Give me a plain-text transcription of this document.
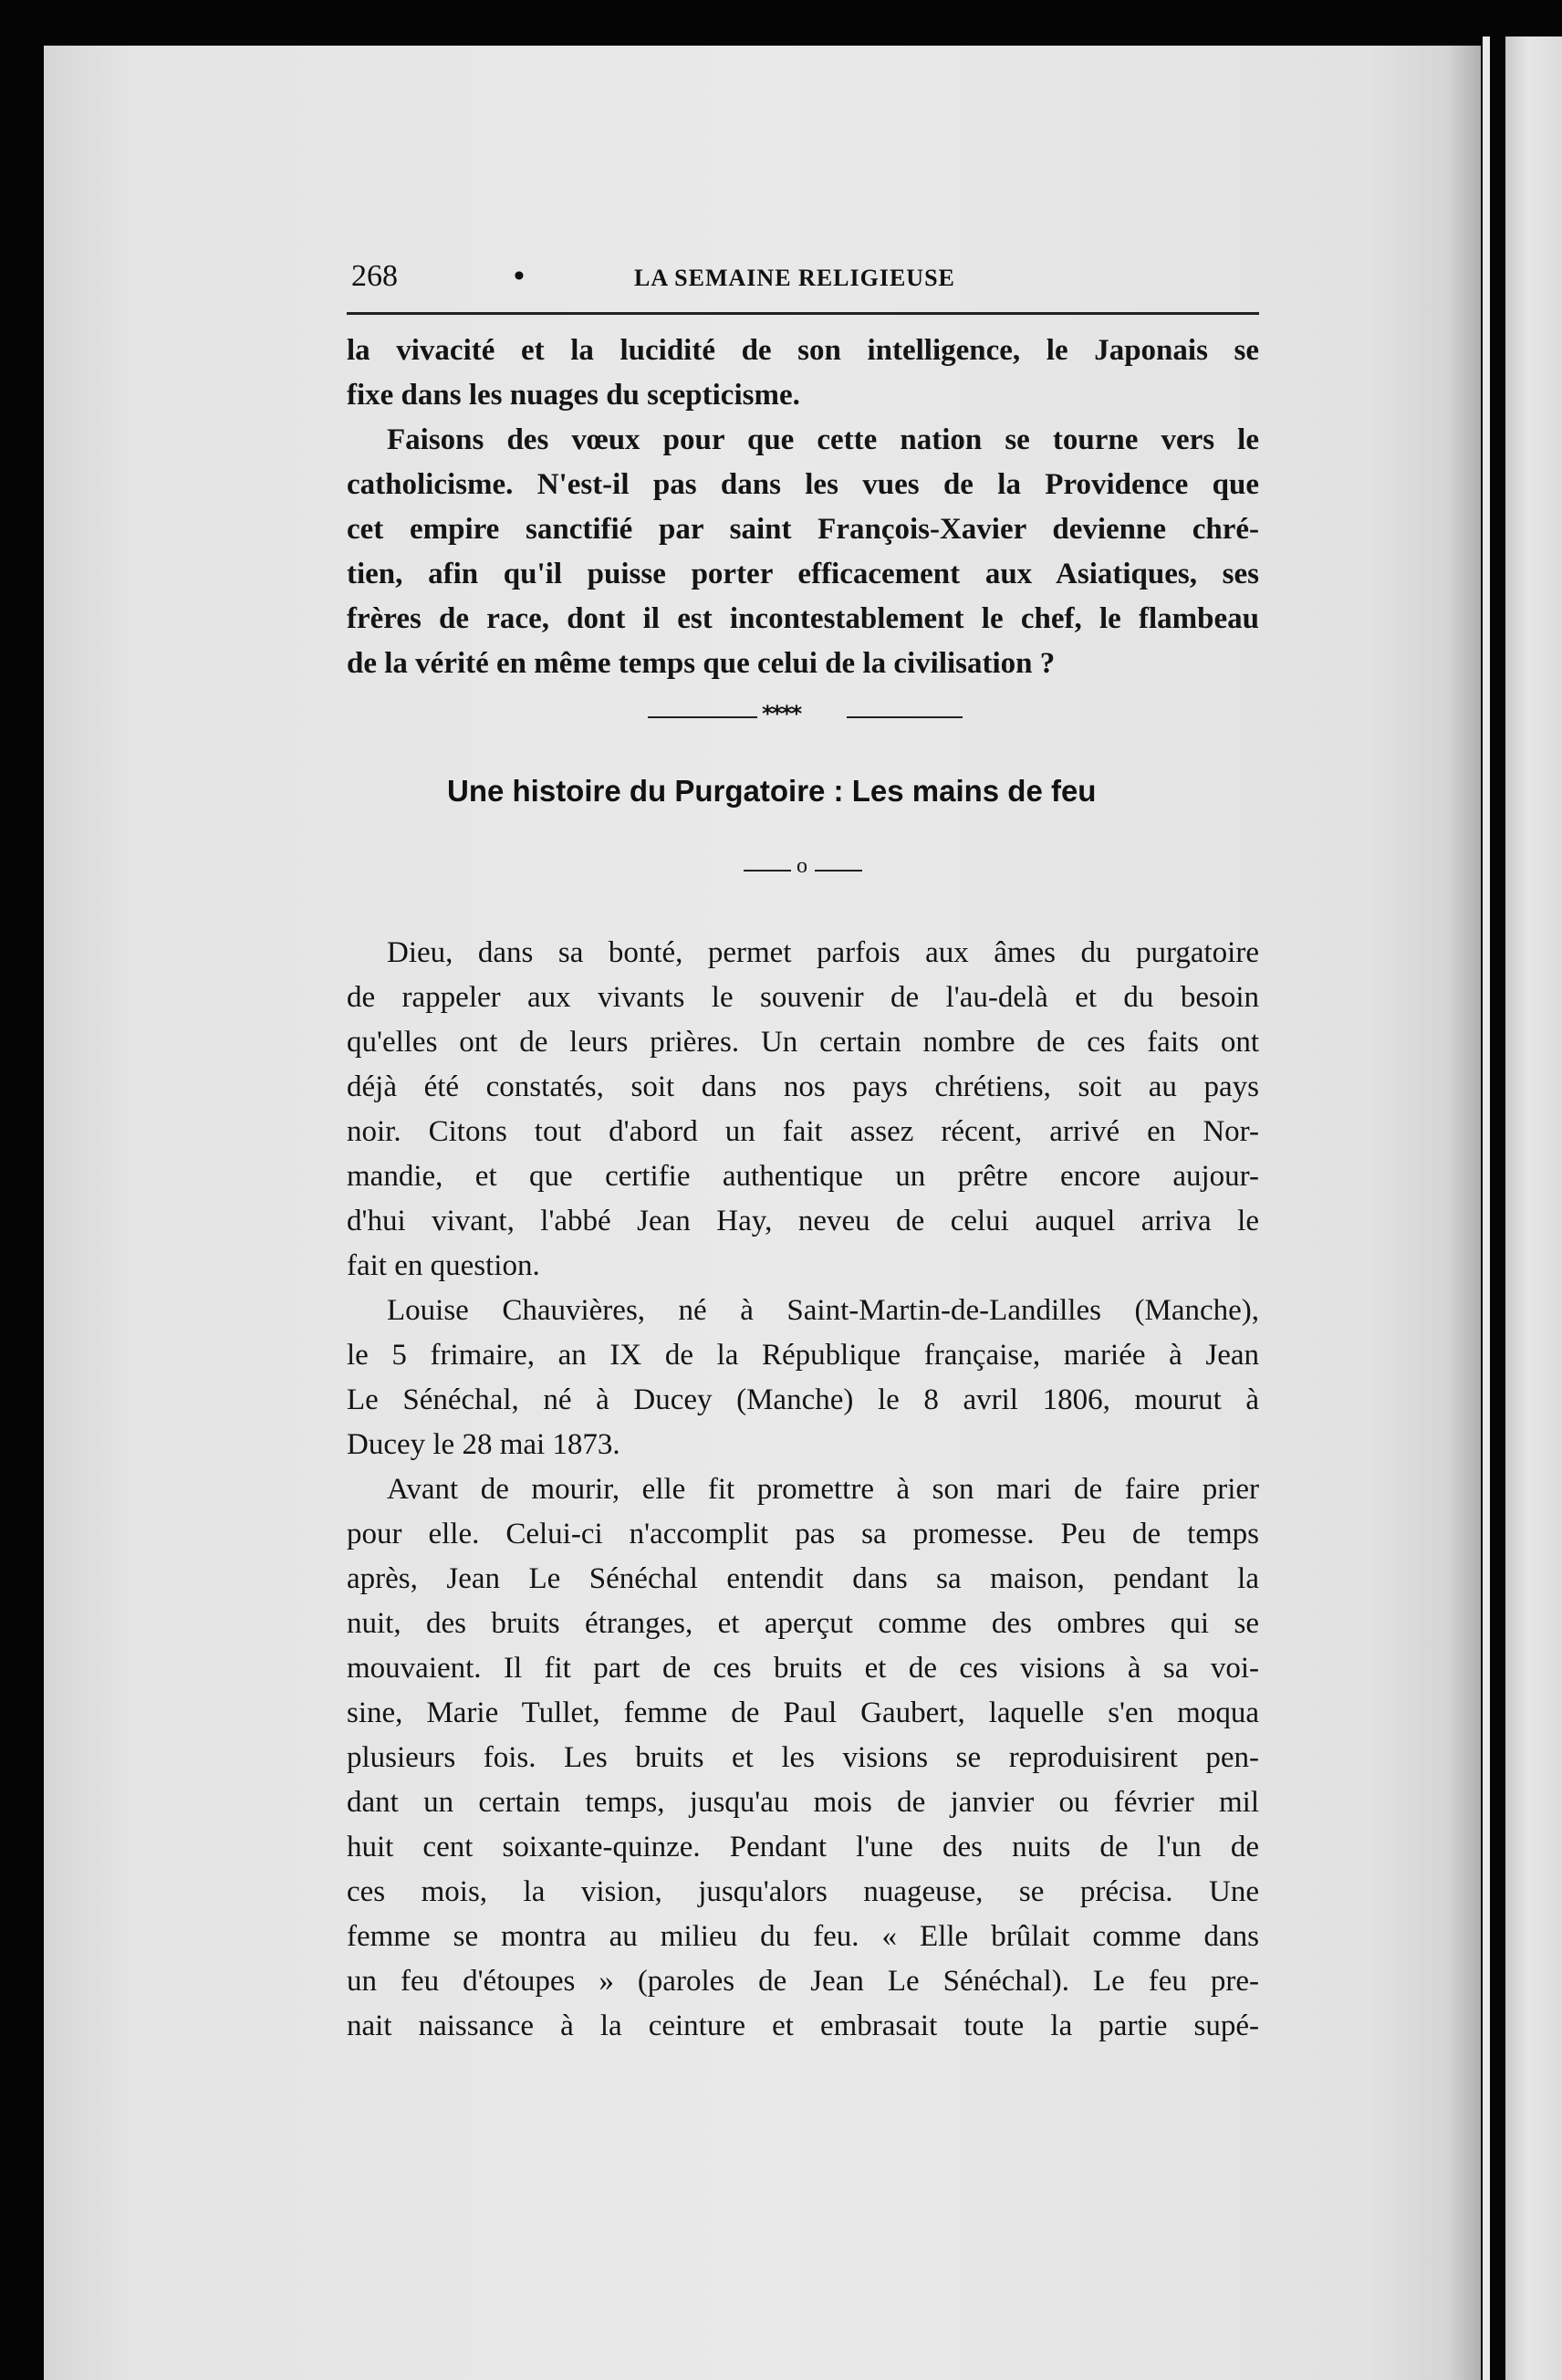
268	•	LA SEMAINE RELIGIEUSE
la vivacité et la lucidité de son intelligence, le Japonais se
fixe dans les nuages du scepticisme.
Faisons des vœux pour que cette nation se tourne vers le
catholicisme. N'est-il pas dans les vues de la Providence que
cet empire sanctifié par saint François-Xavier devienne chré-
tien, afin qu'il puisse porter efficacement aux Asiatiques, ses
frères de race, dont il est incontestablement le chef, le flambeau
de la vérité en même temps que celui de la civilisation ?
****
Une histoire du Purgatoire : Les mains de feu
o
Dieu, dans sa bonté, permet parfois aux âmes du purgatoire
de rappeler aux vivants le souvenir de l'au-delà et du besoin
qu'elles ont de leurs prières. Un certain nombre de ces faits ont
déjà été constatés, soit dans nos pays chrétiens, soit au pays
noir. Citons tout d'abord un fait assez récent, arrivé en Nor-
mandie, et que certifie authentique un prêtre encore aujour-
d'hui vivant, l'abbé Jean Hay, neveu de celui auquel arriva le
fait en question.
Louise Chauvières, né à Saint-Martin-de-Landilles (Manche),
le 5 frimaire, an IX de la République française, mariée à Jean
Le Sénéchal, né à Ducey (Manche) le 8 avril 1806, mourut à
Ducey le 28 mai 1873.
Avant de mourir, elle fit promettre à son mari de faire prier
pour elle. Celui-ci n'accomplit pas sa promesse. Peu de temps
après, Jean Le Sénéchal entendit dans sa maison, pendant la
nuit, des bruits étranges, et aperçut comme des ombres qui se
mouvaient. Il fit part de ces bruits et de ces visions à sa voi-
sine, Marie Tullet, femme de Paul Gaubert, laquelle s'en moqua
plusieurs fois. Les bruits et les visions se reproduisirent pen-
dant un certain temps, jusqu'au mois de janvier ou février mil
huit cent soixante-quinze. Pendant l'une des nuits de l'un de
ces mois, la vision, jusqu'alors nuageuse, se précisa. Une
femme se montra au milieu du feu. « Elle brûlait comme dans
un feu d'étoupes » (paroles de Jean Le Sénéchal). Le feu pre-
nait naissance à la ceinture et embrasait toute la partie supé-
